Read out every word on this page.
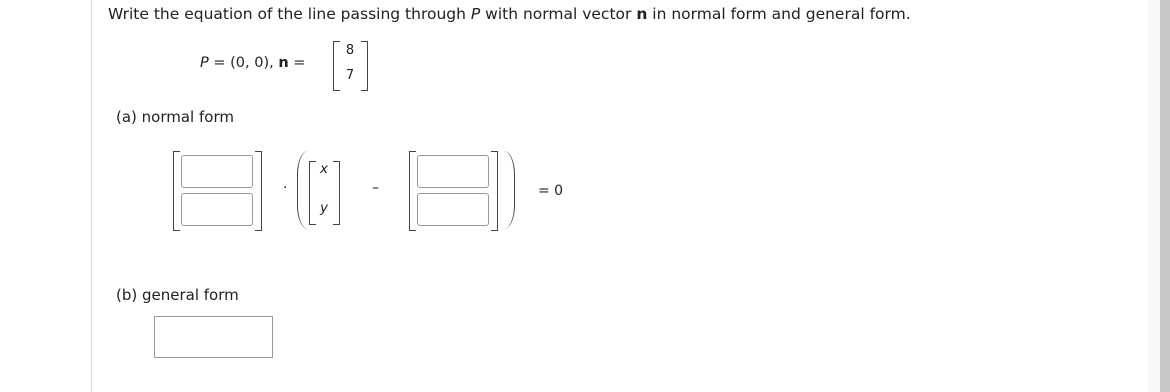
Write the equation of the line passing through P with normal vector n in normal form and general form.
P = (0, 0), n =
8
7
(a) normal form
·
x
y
–	= 0
(b) general form
